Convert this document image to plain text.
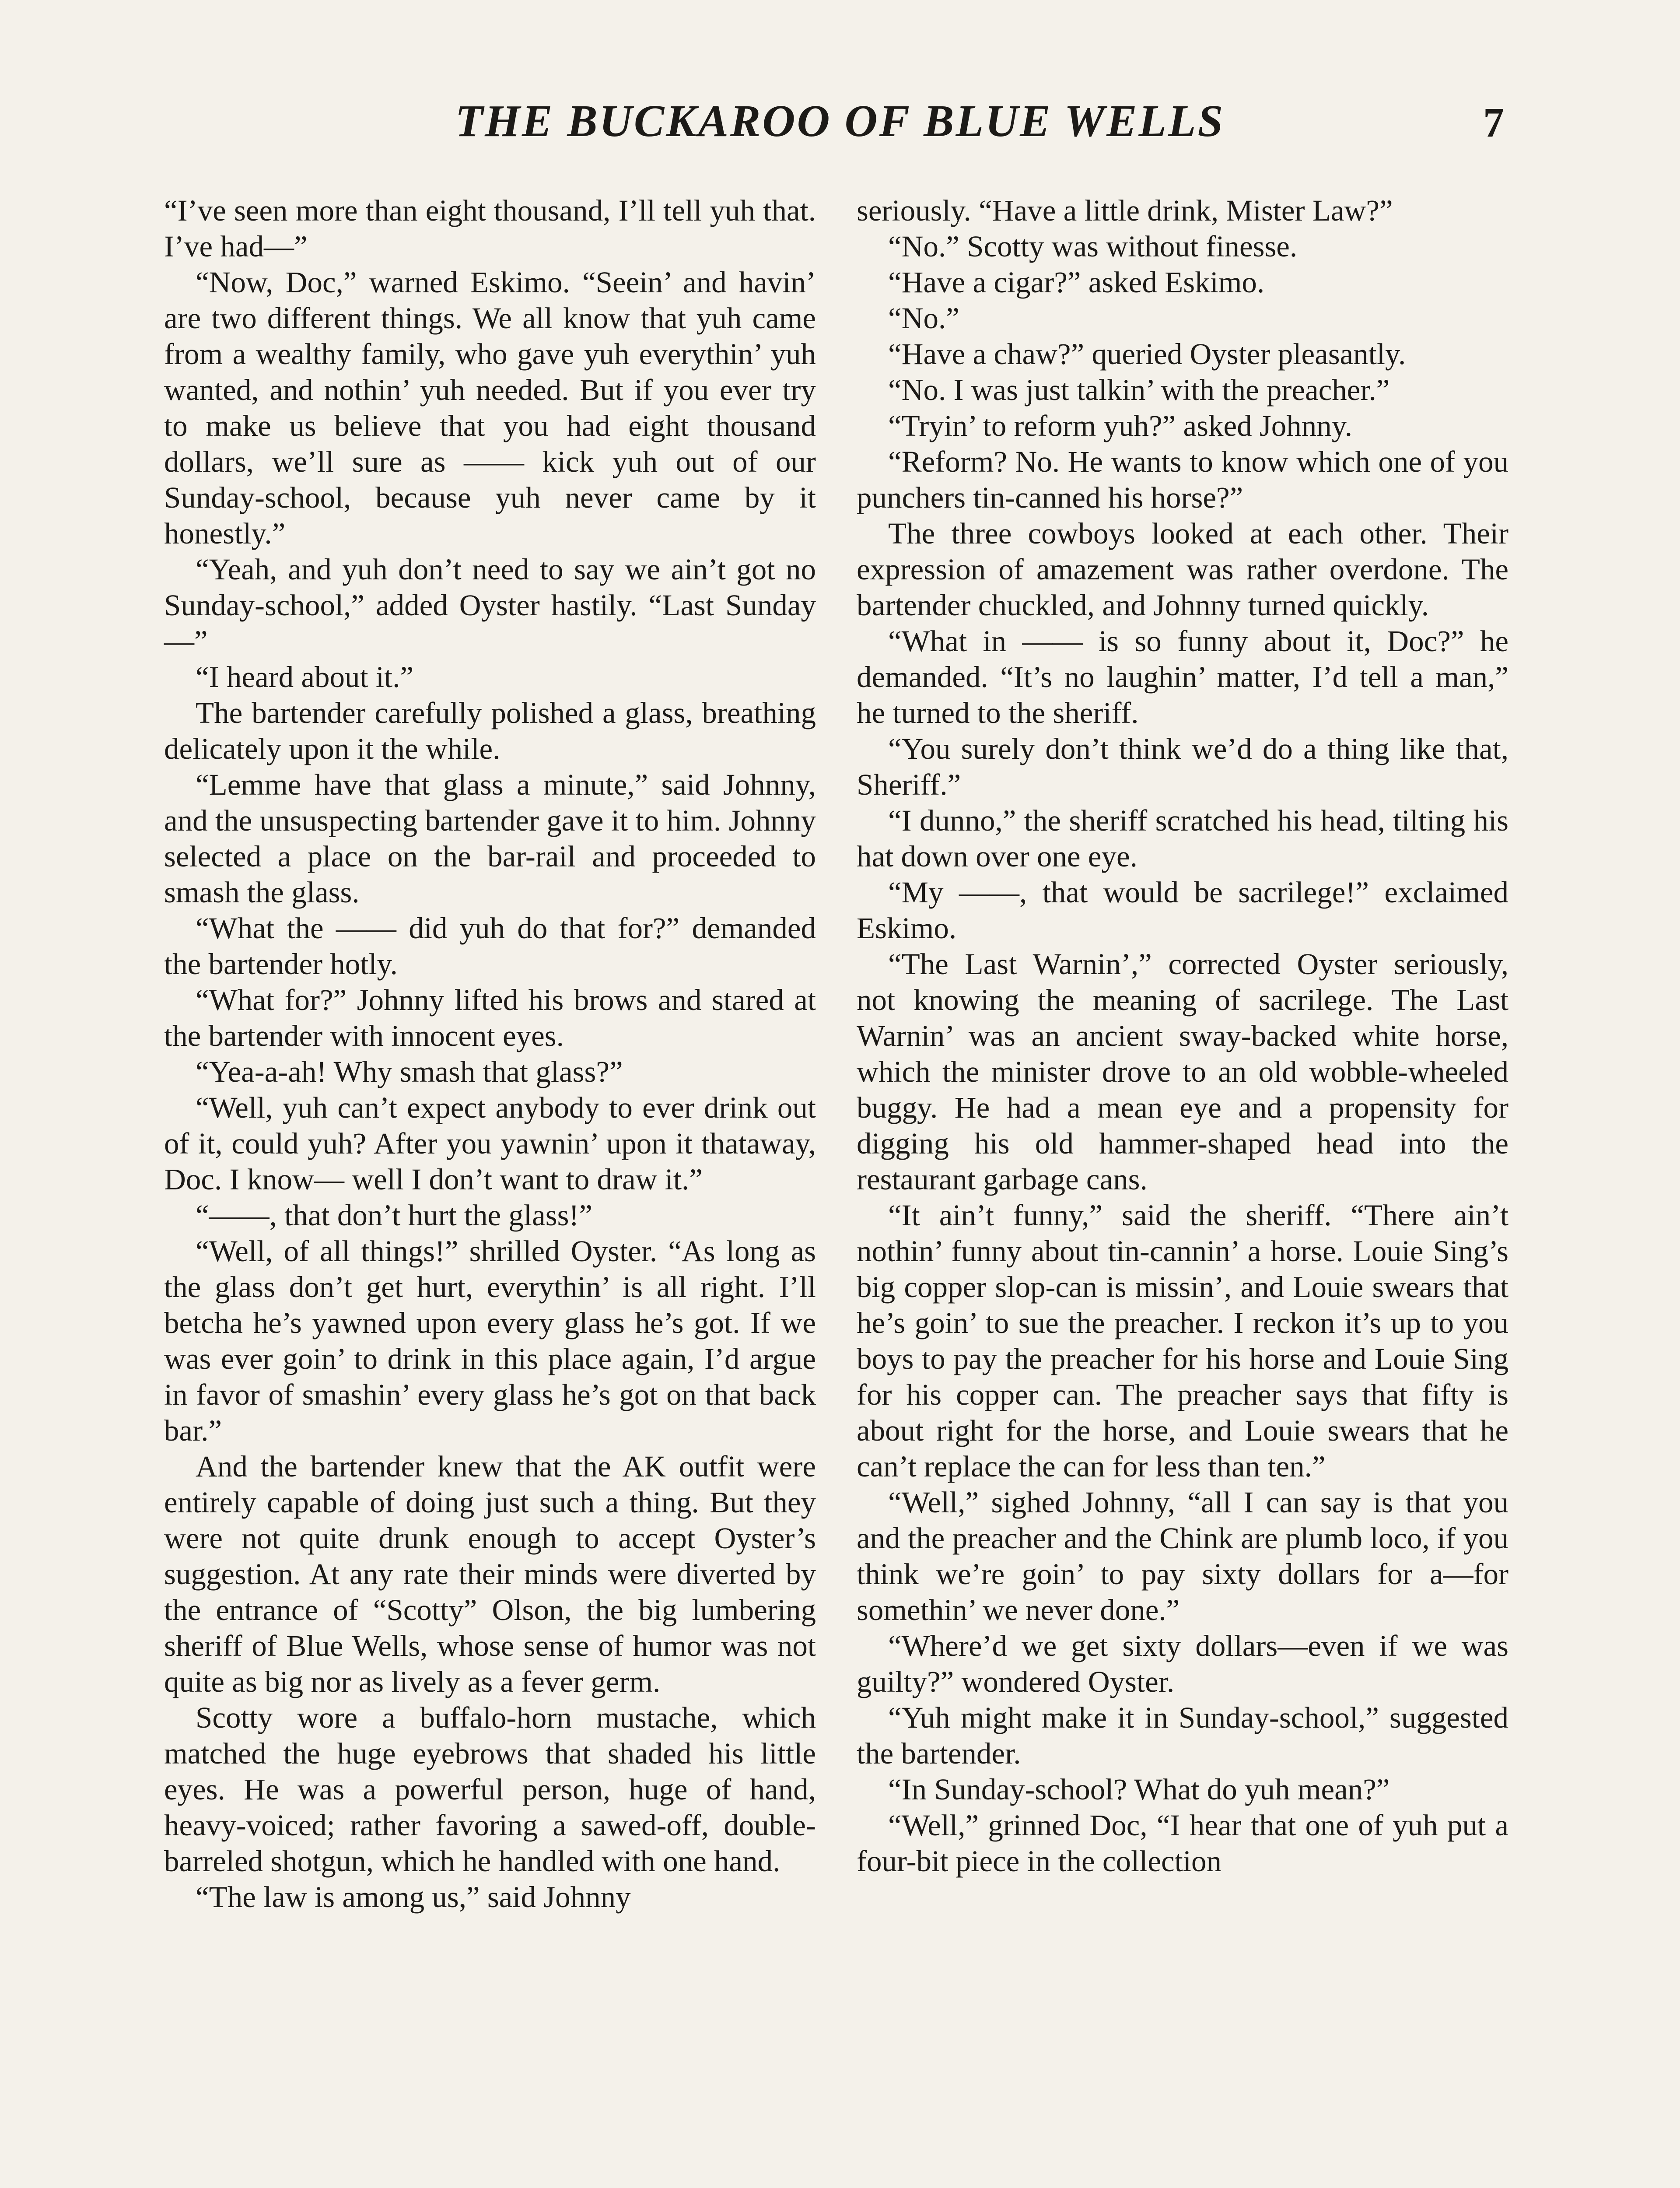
THE BUCKAROO OF BLUE WELLS	7

“I’ve seen more than eight thousand, I’ll tell yuh that. I’ve had—”

“Now, Doc,” warned Eskimo. “Seein’ and havin’ are two different things. We all know that yuh came from a wealthy family, who gave yuh everythin’ yuh wanted, and nothin’ yuh needed. But if you ever try to make us believe that you had eight thousand dollars, we’ll sure as —— kick yuh out of our Sunday-school, because yuh never came by it honestly.”

“Yeah, and yuh don’t need to say we ain’t got no Sunday-school,” added Oyster hastily. “Last Sunday—”

“I heard about it.”

The bartender carefully polished a glass, breathing delicately upon it the while.

“Lemme have that glass a minute,” said Johnny, and the unsuspecting bartender gave it to him. Johnny selected a place on the bar-rail and proceeded to smash the glass.

“What the —— did yuh do that for?” demanded the bartender hotly.

“What for?” Johnny lifted his brows and stared at the bartender with innocent eyes.

“Yea-a-ah! Why smash that glass?”

“Well, yuh can’t expect anybody to ever drink out of it, could yuh? After you yawnin’ upon it thataway, Doc. I know— well I don’t want to draw it.”

“——, that don’t hurt the glass!”

“Well, of all things!” shrilled Oyster. “As long as the glass don’t get hurt, everythin’ is all right. I’ll betcha he’s yawned upon every glass he’s got. If we was ever goin’ to drink in this place again, I’d argue in favor of smashin’ every glass he’s got on that back bar.”

And the bartender knew that the AK outfit were entirely capable of doing just such a thing. But they were not quite drunk enough to accept Oyster’s suggestion. At any rate their minds were diverted by the entrance of “Scotty” Olson, the big lumbering sheriff of Blue Wells, whose sense of humor was not quite as big nor as lively as a fever germ.

Scotty wore a buffalo-horn mustache, which matched the huge eyebrows that shaded his little eyes. He was a powerful person, huge of hand, heavy-voiced; rather favoring a sawed-off, double-barreled shotgun, which he handled with one hand.

“The law is among us,” said Johnny

seriously. “Have a little drink, Mister Law?”

“No.” Scotty was without finesse.

“Have a cigar?” asked Eskimo.

“No.”

“Have a chaw?” queried Oyster pleasantly.

“No. I was just talkin’ with the preacher.”

“Tryin’ to reform yuh?” asked Johnny.

“Reform? No. He wants to know which one of you punchers tin-canned his horse?”

The three cowboys looked at each other. Their expression of amazement was rather overdone. The bartender chuckled, and Johnny turned quickly.

“What in —— is so funny about it, Doc?” he demanded. “It’s no laughin’ matter, I’d tell a man,” he turned to the sheriff.

“You surely don’t think we’d do a thing like that, Sheriff.”

“I dunno,” the sheriff scratched his head, tilting his hat down over one eye.

“My ——, that would be sacrilege!” exclaimed Eskimo.

“The Last Warnin’,” corrected Oyster seriously, not knowing the meaning of sacrilege. The Last Warnin’ was an ancient sway-backed white horse, which the minister drove to an old wobble-wheeled buggy. He had a mean eye and a propensity for digging his old hammer-shaped head into the restaurant garbage cans.

“It ain’t funny,” said the sheriff. “There ain’t nothin’ funny about tin-cannin’ a horse. Louie Sing’s big copper slop-can is missin’, and Louie swears that he’s goin’ to sue the preacher. I reckon it’s up to you boys to pay the preacher for his horse and Louie Sing for his copper can. The preacher says that fifty is about right for the horse, and Louie swears that he can’t replace the can for less than ten.”

“Well,” sighed Johnny, “all I can say is that you and the preacher and the Chink are plumb loco, if you think we’re goin’ to pay sixty dollars for a—for somethin’ we never done.”

“Where’d we get sixty dollars—even if we was guilty?” wondered Oyster.

“Yuh might make it in Sunday-school,” suggested the bartender.

“In Sunday-school? What do yuh mean?”

“Well,” grinned Doc, “I hear that one of yuh put a four-bit piece in the collection
